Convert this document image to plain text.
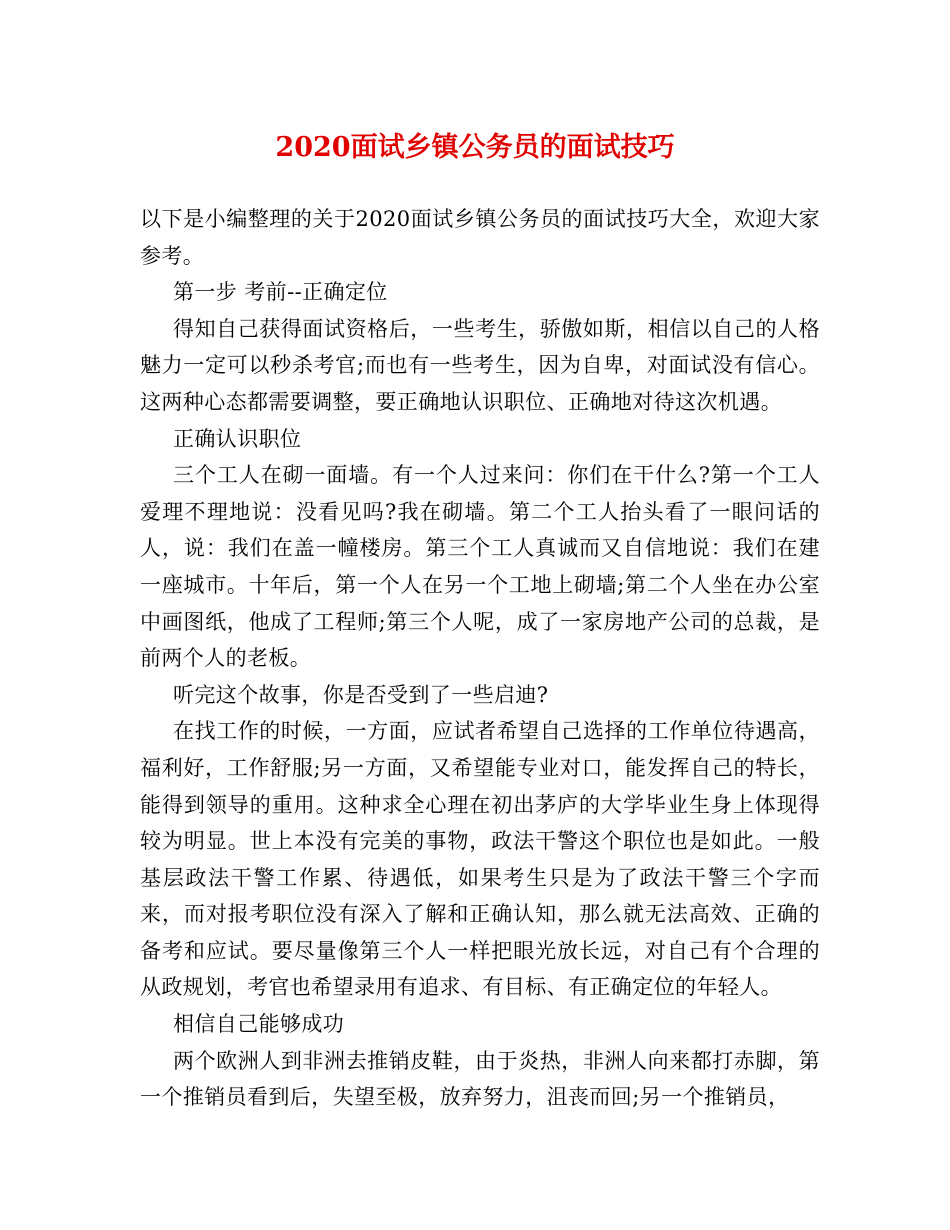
2020面试乡镇公务员的面试技巧

以下是小编整理的关于2020面试乡镇公务员的面试技巧大全，欢迎大家参考。

第一步 考前--正确定位

得知自己获得面试资格后，一些考生，骄傲如斯，相信以自己的人格魅力一定可以秒杀考官;而也有一些考生，因为自卑，对面试没有信心。这两种心态都需要调整，要正确地认识职位、正确地对待这次机遇。

正确认识职位

三个工人在砌一面墙。有一个人过来问：你们在干什么?第一个工人爱理不理地说：没看见吗?我在砌墙。第二个工人抬头看了一眼问话的人，说：我们在盖一幢楼房。第三个工人真诚而又自信地说：我们在建一座城市。十年后，第一个人在另一个工地上砌墙;第二个人坐在办公室中画图纸，他成了工程师;第三个人呢，成了一家房地产公司的总裁，是前两个人的老板。

听完这个故事，你是否受到了一些启迪?

在找工作的时候，一方面，应试者希望自己选择的工作单位待遇高，福利好，工作舒服;另一方面，又希望能专业对口，能发挥自己的特长，能得到领导的重用。这种求全心理在初出茅庐的大学毕业生身上体现得较为明显。世上本没有完美的事物，政法干警这个职位也是如此。一般基层政法干警工作累、待遇低，如果考生只是为了政法干警三个字而来，而对报考职位没有深入了解和正确认知，那么就无法高效、正确的备考和应试。要尽量像第三个人一样把眼光放长远，对自己有个合理的从政规划，考官也希望录用有追求、有目标、有正确定位的年轻人。

相信自己能够成功

两个欧洲人到非洲去推销皮鞋，由于炎热，非洲人向来都打赤脚，第一个推销员看到后，失望至极，放弃努力，沮丧而回;另一个推销员，
